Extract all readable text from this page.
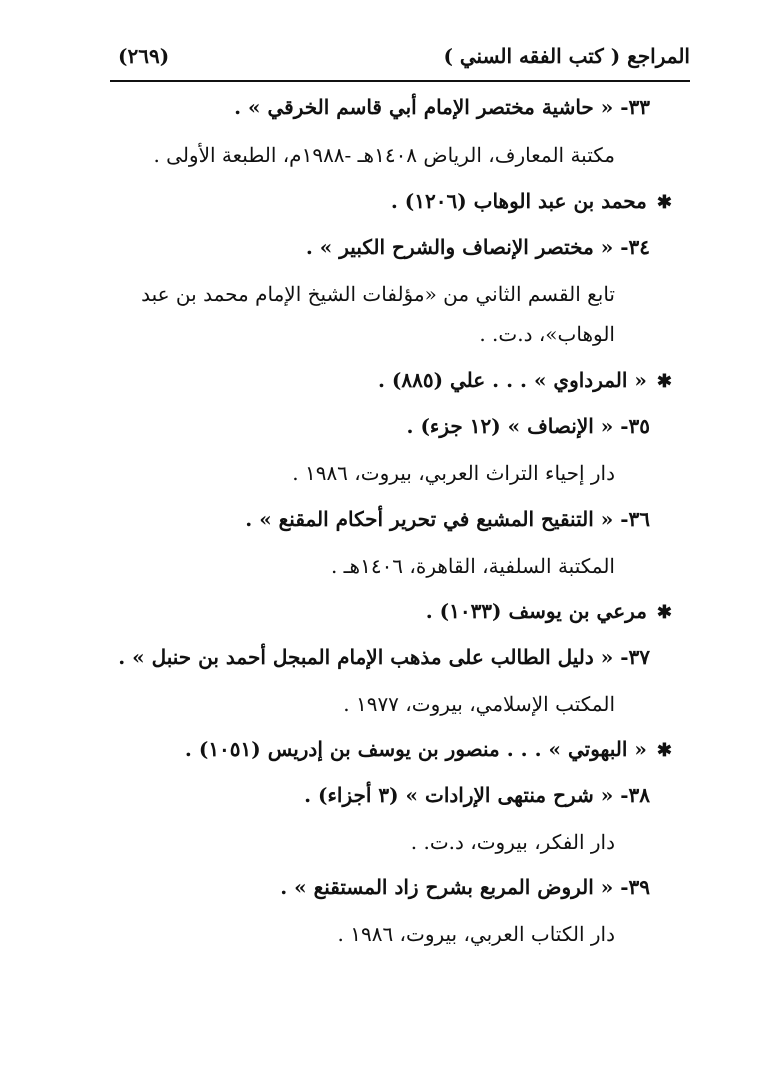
المراجع ( كتب الفقه السني )
(٢٦٩)
٣٣- « حاشية مختصر الإمام أبي قاسم الخرقي » .
مكتبة المعارف، الرياض ١٤٠٨هـ -١٩٨٨م، الطبعة الأولى .
✱محمد بن عبد الوهاب (١٢٠٦) .
٣٤- « مختصر الإنصاف والشرح الكبير » .
تابع القسم الثاني من «مؤلفات الشيخ الإمام محمد بن عبد
الوهاب»، د.ت. .
✱« المرداوي » . . . علي (٨٨٥) .
٣٥- « الإنصاف » (١٢ جزء) .
دار إحياء التراث العربي، بيروت، ١٩٨٦ .
٣٦- « التنقيح المشبع في تحرير أحكام المقنع » .
المكتبة السلفية، القاهرة، ١٤٠٦هـ .
✱مرعي بن يوسف (١٠٣٣) .
٣٧- « دليل الطالب على مذهب الإمام المبجل أحمد بن حنبل » .
المكتب الإسلامي، بيروت، ١٩٧٧ .
✱« البهوتي » . . . منصور بن يوسف بن إدريس (١٠٥١) .
٣٨- « شرح منتهى الإرادات » (٣ أجزاء) .
دار الفكر، بيروت، د.ت. .
٣٩- « الروض المربع بشرح زاد المستقنع » .
دار الكتاب العربي، بيروت، ١٩٨٦ .
